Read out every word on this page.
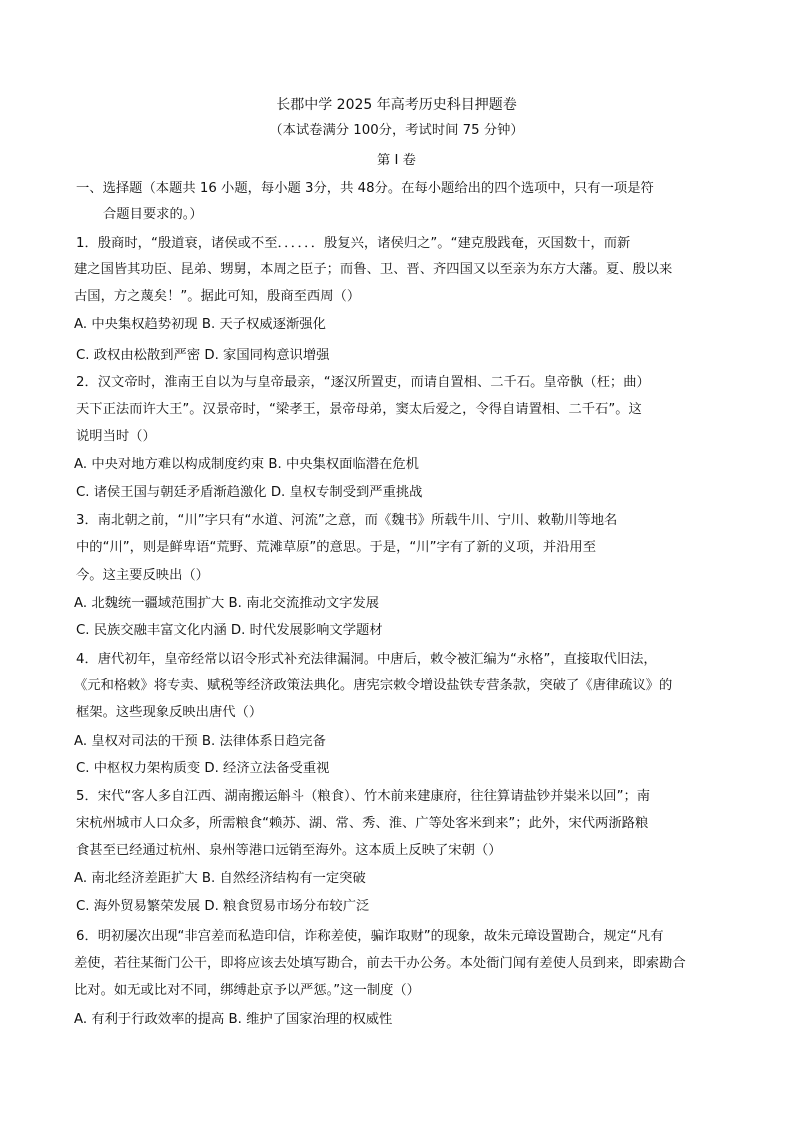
长郡中学 2025 年高考历史科目押题卷
（本试卷满分 100分，考试时间 75 分钟）
第 I 卷
一、选择题（本题共 16 小题，每小题 3分，共 48分。在每小题给出的四个选项中，只有一项是符
合题目要求的。）
1．殷商时，“殷道衰，诸侯或不至．．．．．．殷复兴，诸侯归之”。“建克殷践奄，灭国数十，而新
建之国皆其功臣、昆弟、甥舅，本周之臣子；而鲁、卫、晋、齐四国又以至亲为东方大藩。夏、殷以来
古国，方之蔑矣！”。据此可知，殷商至西周（）
A. 中央集权趋势初现 B. 天子权威逐渐强化
C. 政权由松散到严密 D. 家国同构意识增强
2．汉文帝时，淮南王自以为与皇帝最亲，“逐汉所置吏，而请自置相、二千石。皇帝骫（枉；曲）
天下正法而许大王”。汉景帝时，“梁孝王，景帝母弟，窦太后爱之，令得自请置相、二千石”。这
说明当时（）
A. 中央对地方难以构成制度约束 B. 中央集权面临潜在危机
C. 诸侯王国与朝廷矛盾渐趋激化 D. 皇权专制受到严重挑战
3．南北朝之前，“川”字只有“水道、河流”之意，而《魏书》所载牛川、宁川、敕勒川等地名
中的“川”，则是鲜卑语“荒野、荒滩草原”的意思。于是，“川”字有了新的义项，并沿用至
今。这主要反映出（）
A. 北魏统一疆域范围扩大 B. 南北交流推动文字发展
C. 民族交融丰富文化内涵 D. 时代发展影响文学题材
4．唐代初年，皇帝经常以诏令形式补充法律漏洞。中唐后，敕令被汇编为“永格”，直接取代旧法，
《元和格敕》将专卖、赋税等经济政策法典化。唐宪宗敕令增设盐铁专营条款，突破了《唐律疏议》的
框架。这些现象反映出唐代（）
A. 皇权对司法的干预 B. 法律体系日趋完备
C. 中枢权力架构质变 D. 经济立法备受重视
5．宋代“客人多自江西、湖南搬运斛斗（粮食）、竹木前来建康府，往往算请盐钞并粜米以回”；南
宋杭州城市人口众多，所需粮食“赖苏、湖、常、秀、淮、广等处客米到来”；此外，宋代两浙路粮
食甚至已经通过杭州、泉州等港口远销至海外。这本质上反映了宋朝（）
A. 南北经济差距扩大 B. 自然经济结构有一定突破
C. 海外贸易繁荣发展 D. 粮食贸易市场分布较广泛
6．明初屡次出现“非宫差而私造印信，诈称差使，骗诈取财”的现象，故朱元璋设置勘合，规定“凡有
差使，若往某衙门公干，即将应该去处填写勘合，前去干办公务。本处衙门闻有差使人员到来，即索勘合
比对。如无或比对不同，绑缚赴京予以严惩。”这一制度（）
A. 有利于行政效率的提高 B. 维护了国家治理的权威性
